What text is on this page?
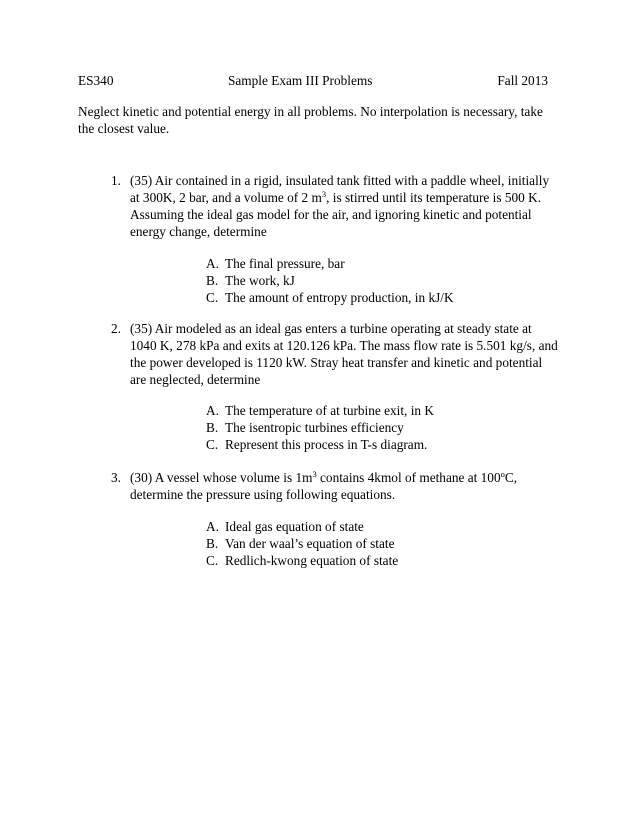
ES340	Sample Exam III Problems	Fall 2013
Neglect kinetic and potential energy in all problems. No interpolation is necessary, take the closest value.
1. (35) Air contained in a rigid, insulated tank fitted with a paddle wheel, initially at 300K, 2 bar, and a volume of 2 $m^3$, is stirred until its temperature is 500 K. Assuming the ideal gas model for the air, and ignoring kinetic and potential energy change, determine
A. The final pressure, bar
B. The work, kJ
C. The amount of entropy production, in kJ/K
2. (35) Air modeled as an ideal gas enters a turbine operating at steady state at 1040 K, 278 kPa and exits at 120.126 kPa. The mass flow rate is 5.501 kg/s, and the power developed is 1120 kW. Stray heat transfer and kinetic and potential are neglected, determine
A. The temperature of at turbine exit, in K
B. The isentropic turbines efficiency
C. Represent this process in T-s diagram.
3. (30) A vessel whose volume is $1m^3$ contains 4kmol of methane at 100$^o$C, determine the pressure using following equations.
A. Ideal gas equation of state
B. Van der waal’s equation of state
C. Redlich-kwong equation of state
